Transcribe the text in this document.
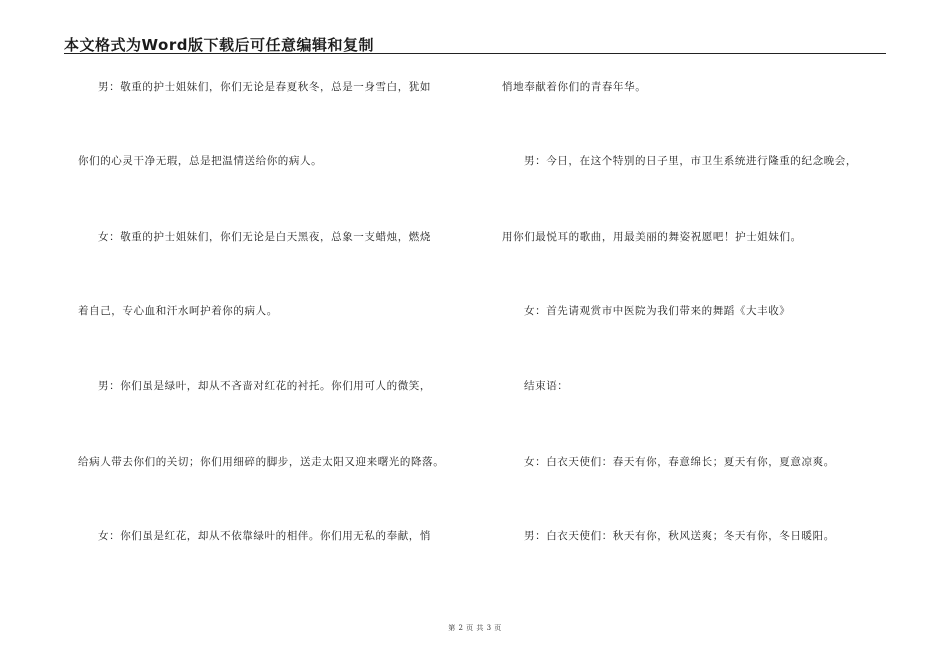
本文格式为Word版下载后可任意编辑和复制
男：敬重的护士姐妹们，你们无论是春夏秋冬，总是一身雪白，犹如
你们的心灵干净无瑕，总是把温情送给你的病人。
女：敬重的护士姐妹们，你们无论是白天黑夜，总象一支蜡烛，燃烧
着自己，专心血和汗水呵护着你的病人。
男：你们虽是绿叶，却从不吝啬对红花的衬托。你们用可人的微笑，
给病人带去你们的关切；你们用细碎的脚步，送走太阳又迎来曙光的降落。
女：你们虽是红花，却从不依靠绿叶的相伴。你们用无私的奉献，悄
悄地奉献着你们的青春年华。
男：今日，在这个特别的日子里，市卫生系统进行隆重的纪念晚会，
用你们最悦耳的歌曲，用最美丽的舞姿祝愿吧！护士姐妹们。
女：首先请观赏市中医院为我们带来的舞蹈《大丰收》
结束语：
女：白衣天使们：春天有你，春意绵长；夏天有你，夏意凉爽。
男：白衣天使们：秋天有你，秋风送爽；冬天有你，冬日暖阳。
第 2 页 共 3 页
